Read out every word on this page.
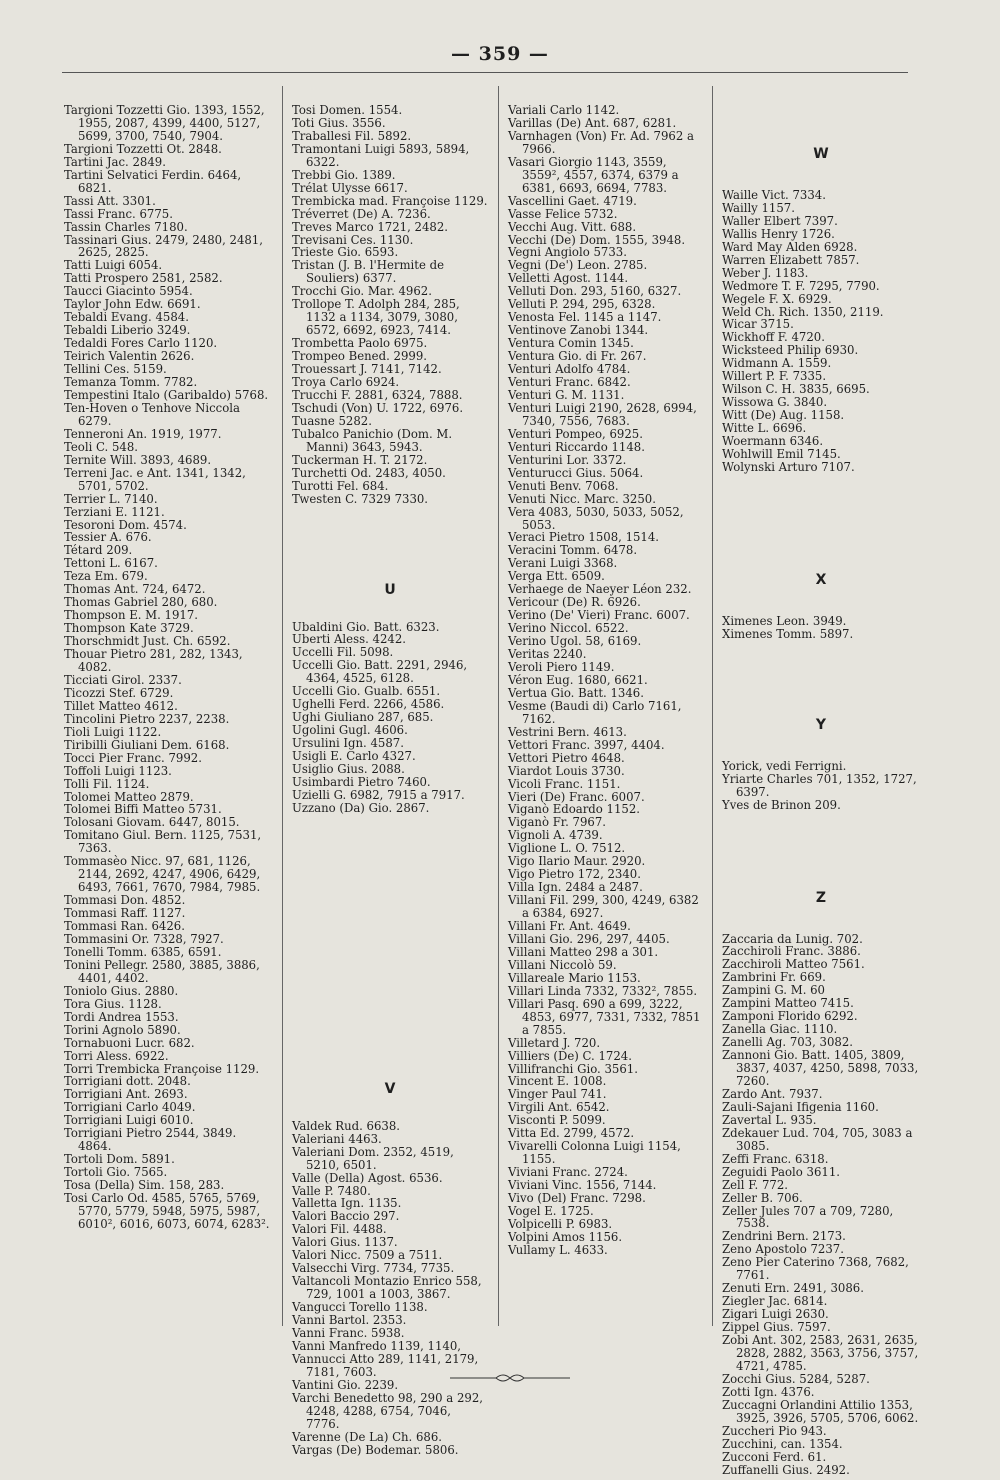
— 359 —

Targioni Tozzetti Gio. 1393, 1552, 1955, 2087, 4399, 4400, 5127, 5699, 3700, 7540, 7904.

Targioni Tozzetti Ot. 2848.

Tartini Jac. 2849.

Tartini Selvatici Ferdin. 6464, 6821.

Tassi Att. 3301.

Tassi Franc. 6775.

Tassin Charles 7180.

Tassinari Gius. 2479, 2480, 2481, 2625, 2825.

Tatti Luigi 6054.

Tatti Prospero 2581, 2582.

Taucci Giacinto 5954.

Taylor John Edw. 6691.

Tebaldi Evang. 4584.

Tebaldi Liberio 3249.

Tedaldi Fores Carlo 1120.

Teirich Valentin 2626.

Tellini Ces. 5159.

Temanza Tomm. 7782.

Tempestini Italo (Garibaldo) 5768.

Ten-Hoven o Tenhove Niccola 6279.

Tenneroni An. 1919, 1977.

Teoli C. 548.

Ternite Will. 3893, 4689.

Terreni Jac. e Ant. 1341, 1342, 5701, 5702.

Terrier L. 7140.

Terziani E. 1121.

Tesoroni Dom. 4574.

Tessier A. 676.

Tétard 209.

Tettoni L. 6167.

Teza Em. 679.

Thomas Ant. 724, 6472.

Thomas Gabriel 280, 680.

Thompson E. M. 1917.

Thompson Kate 3729.

Thorschmidt Just. Ch. 6592.

Thouar Pietro 281, 282, 1343, 4082.

Ticciati Girol. 2337.

Ticozzi Stef. 6729.

Tillet Matteo 4612.

Tincolini Pietro 2237, 2238.

Tioli Luigi 1122.

Tiribilli Giuliani Dem. 6168.

Tocci Pier Franc. 7992.

Toffoli Luigi 1123.

Tolli Fil. 1124.

Tolomei Matteo 2879.

Tolomei Biffi Matteo 5731.

Tolosani Giovam. 6447, 8015.

Tomitano Giul. Bern. 1125, 7531, 7363.

Tommasèo Nicc. 97, 681, 1126, 2144, 2692, 4247, 4906, 6429, 6493, 7661, 7670, 7984, 7985.

Tommasi Don. 4852.

Tommasi Raff. 1127.

Tommasi Ran. 6426.

Tommasini Or. 7328, 7927.

Tonelli Tomm. 6385, 6591.

Tonini Pellegr. 2580, 3885, 3886, 4401, 4402.

Toniolo Gius. 2880.

Tora Gius. 1128.

Tordi Andrea 1553.

Torini Agnolo 5890.

Tornabuoni Lucr. 682.

Torri Aless. 6922.

Torri Trembicka Françoise 1129.

Torrigiani dott. 2048.

Torrigiani Ant. 2693.

Torrigiani Carlo 4049.

Torrigiani Luigi 6010.

Torrigiani Pietro 2544, 3849. 4864.

Tortoli Dom. 5891.

Tortoli Gio. 7565.

Tosa (Della) Sim. 158, 283.

Tosi Carlo Od. 4585, 5765, 5769, 5770, 5779, 5948, 5975, 5987, 6010², 6016, 6073, 6074, 6283².

Tosi Domen. 1554.

Toti Gius. 3556.

Traballesi Fil. 5892.

Tramontani Luigi 5893, 5894, 6322.

Trebbi Gio. 1389.

Trélat Ulysse 6617.

Trembicka mad. Françoise 1129.

Tréverret (De) A. 7236.

Treves Marco 1721, 2482.

Trevisani Ces. 1130.

Trieste Gio. 6593.

Tristan (J. B. l'Hermite de Souliers) 6377.

Trocchi Gio. Mar. 4962.

Trollope T. Adolph 284, 285, 1132 a 1134, 3079, 3080, 6572, 6692, 6923, 7414.

Trombetta Paolo 6975.

Trompeo Bened. 2999.

Trouessart J. 7141, 7142.

Troya Carlo 6924.

Trucchi F. 2881, 6324, 7888.

Tschudi (Von) U. 1722, 6976.

Tuasne 5282.

Tubalco Panichio (Dom. M. Manni) 3643, 5943.

Tuckerman H. T. 2172.

Turchetti Od. 2483, 4050.

Turotti Fel. 684.

Twesten C. 7329 7330.

U

Ubaldini Gio. Batt. 6323.

Uberti Aless. 4242.

Uccelli Fil. 5098.

Uccelli Gio. Batt. 2291, 2946, 4364, 4525, 6128.

Uccelli Gio. Gualb. 6551.

Ughelli Ferd. 2266, 4586.

Ughi Giuliano 287, 685.

Ugolini Gugl. 4606.

Ursulini Ign. 4587.

Usigli E. Carlo 4327.

Usiglio Gius. 2088.

Usimbardi Pietro 7460.

Uzielli G. 6982, 7915 a 7917.

Uzzano (Da) Gio. 2867.

V

Valdek Rud. 6638.

Valeriani 4463.

Valeriani Dom. 2352, 4519, 5210, 6501.

Valle (Della) Agost. 6536.

Valle P. 7480.

Valletta Ign. 1135.

Valori Baccio 297.

Valori Fil. 4488.

Valori Gius. 1137.

Valori Nicc. 7509 a 7511.

Valsecchi Virg. 7734, 7735.

Valtancoli Montazio Enrico 558, 729, 1001 a 1003, 3867.

Vangucci Torello 1138.

Vanni Bartol. 2353.

Vanni Franc. 5938.

Vanni Manfredo 1139, 1140,

Vannucci Atto 289, 1141, 2179, 7181, 7603.

Vantini Gio. 2239.

Varchi Benedetto 98, 290 a 292, 4248, 4288, 6754, 7046, 7776.

Varenne (De La) Ch. 686.

Vargas (De) Bodemar. 5806.

Variali Carlo 1142.

Varillas (De) Ant. 687, 6281.

Varnhagen (Von) Fr. Ad. 7962 a 7966.

Vasari Giorgio 1143, 3559, 3559², 4557, 6374, 6379 a 6381, 6693, 6694, 7783.

Vascellini Gaet. 4719.

Vasse Felice 5732.

Vecchi Aug. Vitt. 688.

Vecchi (De) Dom. 1555, 3948.

Vegni Angiolo 5733.

Vegni (De') Leon. 2785.

Velletti Agost. 1144.

Velluti Don. 293, 5160, 6327.

Velluti P. 294, 295, 6328.

Venosta Fel. 1145 a 1147.

Ventinove Zanobi 1344.

Ventura Comin 1345.

Ventura Gio. di Fr. 267.

Venturi Adolfo 4784.

Venturi Franc. 6842.

Venturi G. M. 1131.

Venturi Luigi 2190, 2628, 6994, 7340, 7556, 7683.

Venturi Pompeo, 6925.

Venturi Riccardo 1148.

Venturini Lor. 3372.

Venturucci Gius. 5064.

Venuti Benv. 7068.

Venuti Nicc. Marc. 3250.

Vera 4083, 5030, 5033, 5052, 5053.

Veraci Pietro 1508, 1514.

Veracini Tomm. 6478.

Verani Luigi 3368.

Verga Ett. 6509.

Verhaege de Naeyer Léon 232.

Vericour (De) R. 6926.

Verino (De' Vieri) Franc. 6007.

Verino Niccol. 6522.

Verino Ugol. 58, 6169.

Veritas 2240.

Veroli Piero 1149.

Véron Eug. 1680, 6621.

Vertua Gio. Batt. 1346.

Vesme (Baudi di) Carlo 7161, 7162.

Vestrini Bern. 4613.

Vettori Franc. 3997, 4404.

Vettori Pietro 4648.

Viardot Louis 3730.

Vicoli Franc. 1151.

Vieri (De) Franc. 6007.

Viganò Edoardo 1152.

Viganò Fr. 7967.

Vignoli A. 4739.

Viglione L. O. 7512.

Vigo Ilario Maur. 2920.

Vigo Pietro 172, 2340.

Villa Ign. 2484 a 2487.

Villani Fil. 299, 300, 4249, 6382 a 6384, 6927.

Villani Fr. Ant. 4649.

Villani Gio. 296, 297, 4405.

Villani Matteo 298 a 301.

Villani Niccolò 59.

Villareale Mario 1153.

Villari Linda 7332, 7332², 7855.

Villari Pasq. 690 a 699, 3222, 4853, 6977, 7331, 7332, 7851 a 7855.

Villetard J. 720.

Villiers (De) C. 1724.

Villifranchi Gio. 3561.

Vincent E. 1008.

Vinger Paul 741.

Virgili Ant. 6542.

Visconti P. 5099.

Vitta Ed. 2799, 4572.

Vivarelli Colonna Luigi 1154, 1155.

Viviani Franc. 2724.

Viviani Vinc. 1556, 7144.

Vivo (Del) Franc. 7298.

Vogel E. 1725.

Volpicelli P. 6983.

Volpini Amos 1156.

Vullamy L. 4633.

W

Waille Vict. 7334.

Wailly 1157.

Waller Elbert 7397.

Wallis Henry 1726.

Ward May Alden 6928.

Warren Elizabett 7857.

Weber J. 1183.

Wedmore T. F. 7295, 7790.

Wegele F. X. 6929.

Weld Ch. Rich. 1350, 2119.

Wicar 3715.

Wickhoff F. 4720.

Wicksteed Philip 6930.

Widmann A. 1559.

Willert P. F. 7335.

Wilson C. H. 3835, 6695.

Wissowa G. 3840.

Witt (De) Aug. 1158.

Witte L. 6696.

Woermann 6346.

Wohlwill Emil 7145.

Wolynski Arturo 7107.

X

Ximenes Leon. 3949.

Ximenes Tomm. 5897.

Y

Yorick, vedi Ferrigni.

Yriarte Charles 701, 1352, 1727, 6397.

Yves de Brinon 209.

Z

Zaccaria da Lunig. 702.

Zacchiroli Franc. 3886.

Zacchiroli Matteo 7561.

Zambrini Fr. 669.

Zampini G. M. 60

Zampini Matteo 7415.

Zamponi Florido 6292.

Zanella Giac. 1110.

Zanelli Ag. 703, 3082.

Zannoni Gio. Batt. 1405, 3809, 3837, 4037, 4250, 5898, 7033, 7260.

Zardo Ant. 7937.

Zauli-Sajani Ifigenia 1160.

Zavertal L. 935.

Zdekauer Lud. 704, 705, 3083 a 3085.

Zeffi Franc. 6318.

Zeguidi Paolo 3611.

Zell F. 772.

Zeller B. 706.

Zeller Jules 707 a 709, 7280, 7538.

Zendrini Bern. 2173.

Zeno Apostolo 7237.

Zeno Pier Caterino 7368, 7682, 7761.

Zenuti Ern. 2491, 3086.

Ziegler Jac. 6814.

Zigari Luigi 2630.

Zippel Gius. 7597.

Zobi Ant. 302, 2583, 2631, 2635, 2828, 2882, 3563, 3756, 3757, 4721, 4785.

Zocchi Gius. 5284, 5287.

Zotti Ign. 4376.

Zuccagni Orlandini Attilio 1353, 3925, 3926, 5705, 5706, 6062.

Zuccheri Pio 943.

Zucchini, can. 1354.

Zucconi Ferd. 61.

Zuffanelli Gius. 2492.
